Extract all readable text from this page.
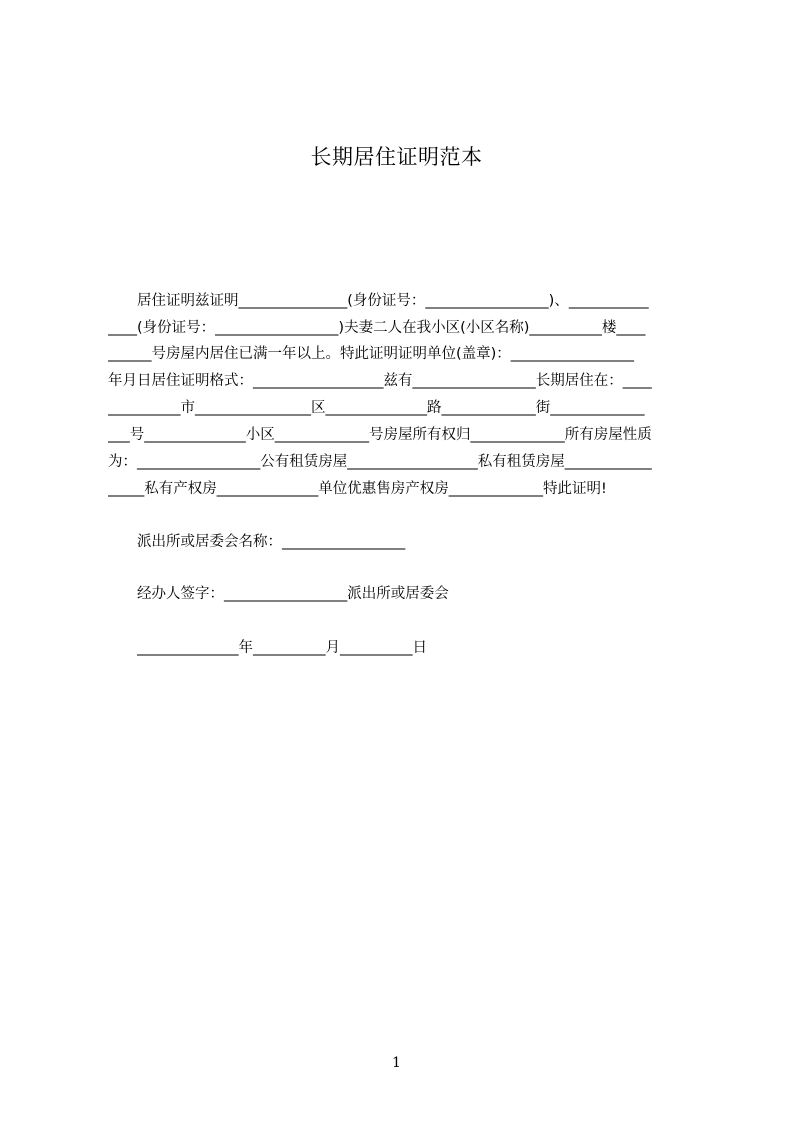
长期居住证明范本
居住证明兹证明_______________(身份证号：_________________)、___________
____(身份证号：_________________)夫妻二人在我小区(小区名称)__________楼____
______号房屋内居住已满一年以上。特此证明证明单位(盖章)：_________________
年月日居住证明格式：__________________兹有_________________长期居住在：____
__________市________________区______________路_____________街_____________
___号______________小区_____________号房屋所有权归_____________所有房屋性质
为：_________________公有租赁房屋__________________私有租赁房屋____________
_____私有产权房______________单位优惠售房产权房_____________特此证明!
派出所或居委会名称：_________________
经办人签字：_________________派出所或居委会
______________年__________月__________日
1
